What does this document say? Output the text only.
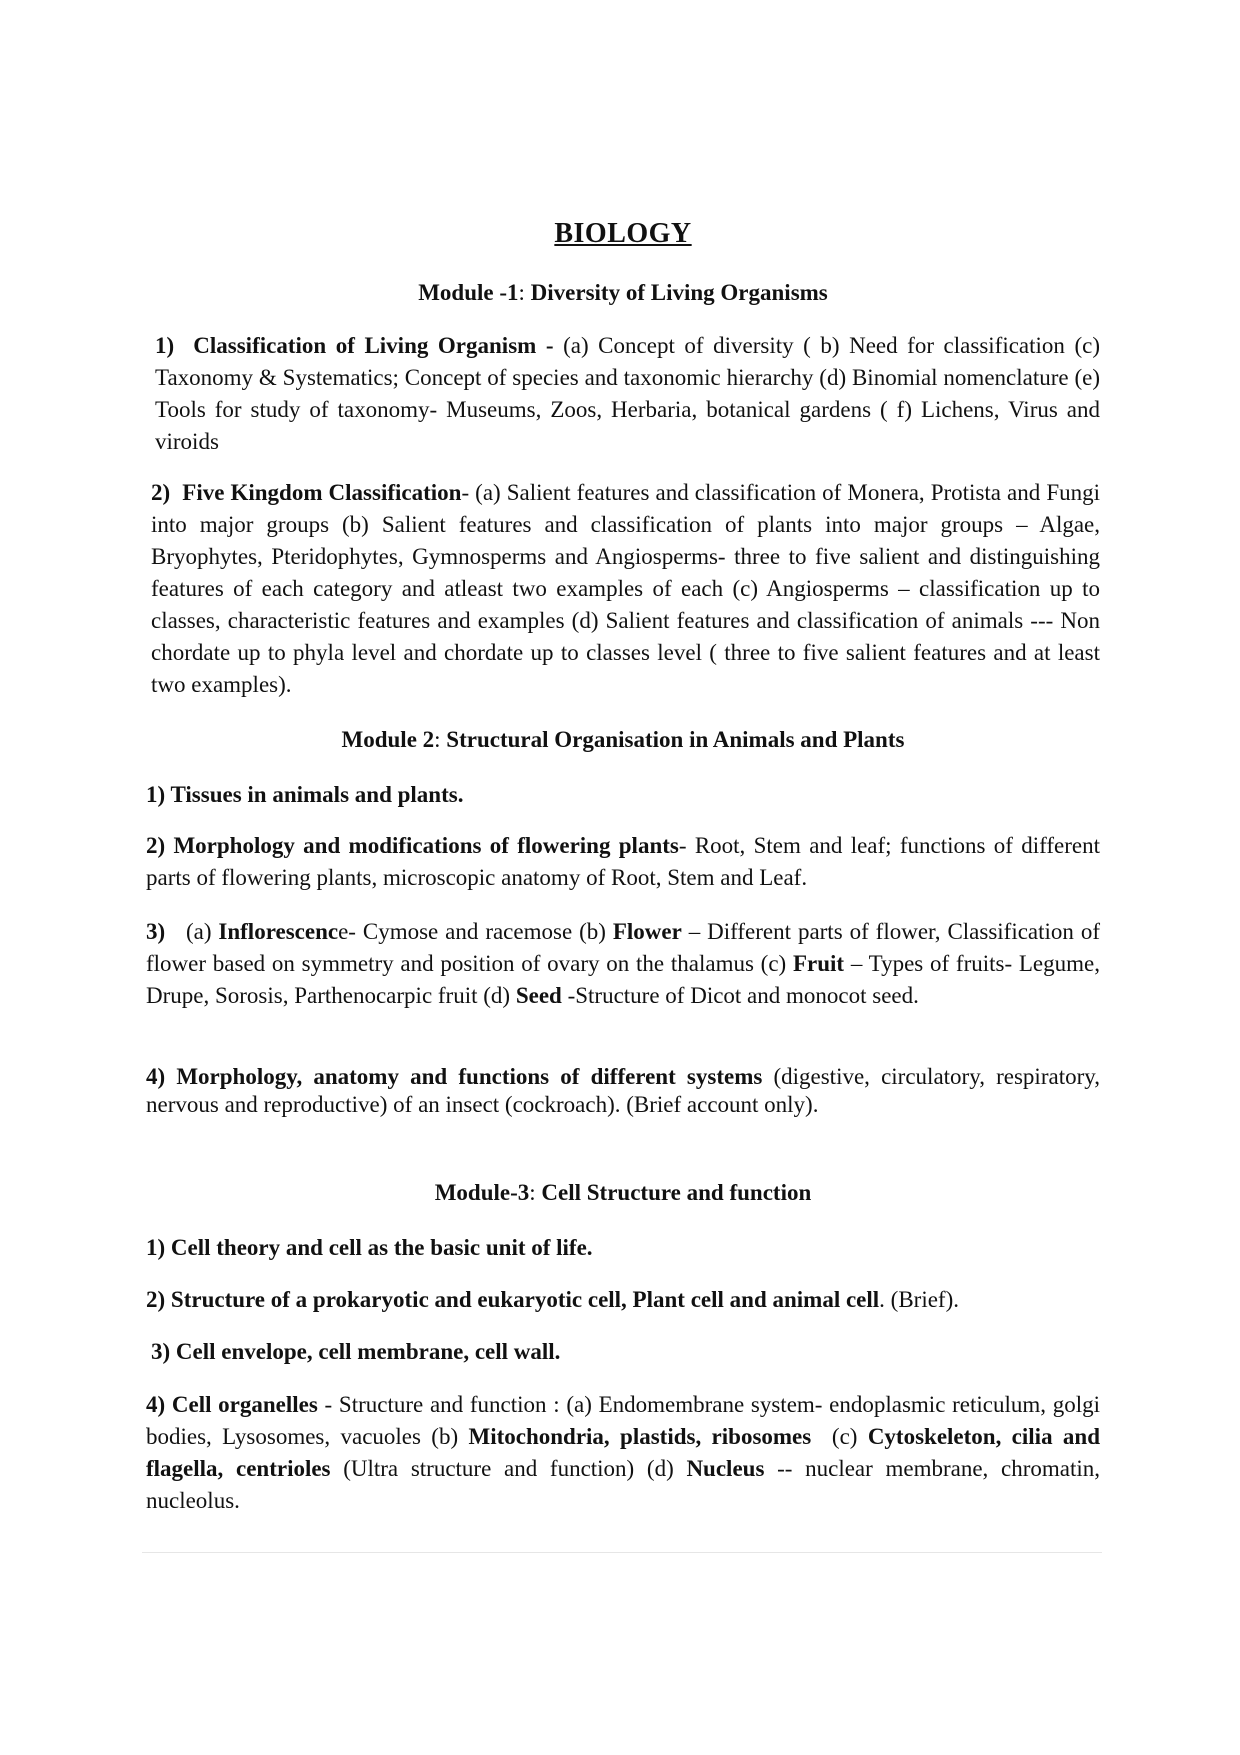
BIOLOGY
Module -1: Diversity of Living Organisms
1)  Classification of Living Organism - (a) Concept of diversity ( b) Need for classification (c) Taxonomy & Systematics; Concept of species and taxonomic hierarchy (d) Binomial nomenclature (e) Tools for study of taxonomy- Museums, Zoos, Herbaria, botanical gardens ( f) Lichens, Virus and viroids
2)  Five Kingdom Classification- (a) Salient features and classification of Monera, Protista and Fungi into major groups (b) Salient features and classification of plants into major groups – Algae, Bryophytes, Pteridophytes, Gymnosperms and Angiosperms- three to five salient and distinguishing features of each category and atleast two examples of each (c) Angiosperms – classification up to classes, characteristic features and examples (d) Salient features and classification of animals --- Non chordate up to phyla level and chordate up to classes level ( three to five salient features and at least two examples).
Module 2: Structural Organisation in Animals and Plants
1) Tissues in animals and plants.
2) Morphology and modifications of flowering plants- Root, Stem and leaf; functions of different parts of flowering plants, microscopic anatomy of Root, Stem and Leaf.
3)   (a) Inflorescence- Cymose and racemose (b) Flower – Different parts of flower, Classification of flower based on symmetry and position of ovary on the thalamus (c) Fruit – Types of fruits- Legume, Drupe, Sorosis, Parthenocarpic fruit (d) Seed -Structure of Dicot and monocot seed.
4) Morphology, anatomy and functions of different systems (digestive, circulatory, respiratory, nervous and reproductive) of an insect (cockroach). (Brief account only).
Module-3: Cell Structure and function
1) Cell theory and cell as the basic unit of life.
2) Structure of a prokaryotic and eukaryotic cell, Plant cell and animal cell. (Brief).
3) Cell envelope, cell membrane, cell wall.
4) Cell organelles - Structure and function : (a) Endomembrane system- endoplasmic reticulum, golgi bodies, Lysosomes, vacuoles (b) Mitochondria, plastids, ribosomes  (c) Cytoskeleton, cilia and flagella, centrioles (Ultra structure and function) (d) Nucleus -- nuclear membrane, chromatin, nucleolus.
